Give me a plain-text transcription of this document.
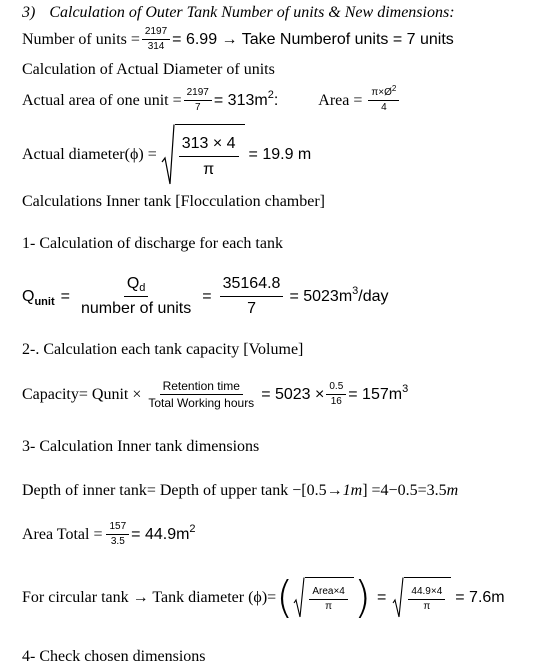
3) Calculation of Outer Tank Number of units & New dimensions:
Number of units = $\frac{2197}{314} = 6.99$ → Take Numberof units = 7 units
Calculation of Actual Diameter of units
Actual area of one unit = $\frac{2197}{7} = 313m^2$:	Area = $\frac{\pi\times Ø^2}{4}$
Actual diameter(ϕ) = $\frac{313 \times 4}{\pi} = 19.9$ m
Calculations Inner tank [Flocculation chamber]
1- Calculation of discharge for each tank
$Q_{unit}$ =
Qd
number of units
= $\frac{35164.8}{7} = 5023m^3/day$
2-. Calculation each tank capacity [Volume]
Capacity= Qunit × Retention time
Total Working hours
= $5023 \times \frac{0.5}{16} = 157m^3$
3- Calculation Inner tank dimensions
Depth of inner tank= Depth of upper tank −[0.5→1m] =4−0.5=3.5m
Area Total = $\frac{157}{3.5} = 44.9m^2$
For circular tank → Tank diameter (ϕ)= (	Area×4
π ) = $\frac{44.9\times 4}{\pi} = 7.6m$
4- Check chosen dimensions
